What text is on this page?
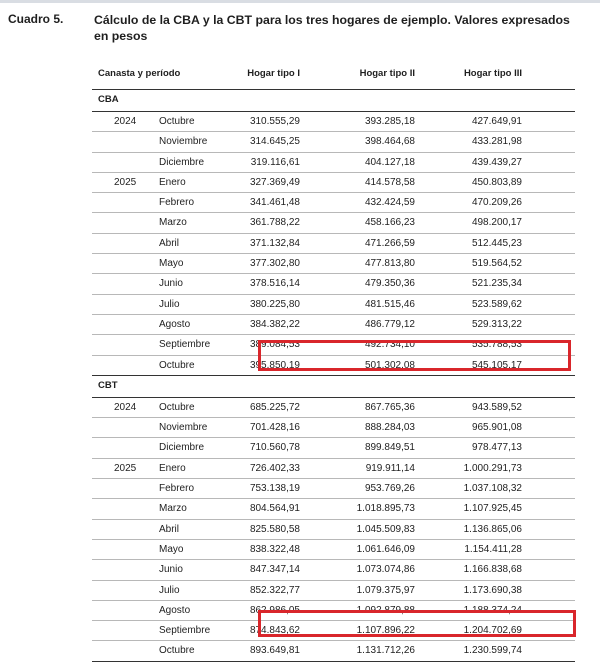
Cuadro 5. Cálculo de la CBA y la CBT para los tres hogares de ejemplo. Valores expresados en pesos
Canasta y período	Hogar tipo I	Hogar tipo II	Hogar tipo III
CBA
2024 Octubre	310.555,29	393.285,18	427.649,91
Noviembre	314.645,25	398.464,68	433.281,98
Diciembre	319.116,61	404.127,18	439.439,27
2025 Enero	327.369,49	414.578,58	450.803,89
Febrero	341.461,48	432.424,59	470.209,26
Marzo	361.788,22	458.166,23	498.200,17
Abril	371.132,84	471.266,59	512.445,23
Mayo	377.302,80	477.813,80	519.564,52
Junio	378.516,14	479.350,36	521.235,34
Julio	380.225,80	481.515,46	523.589,62
Agosto	384.382,22	486.779,12	529.313,22
Septiembre	389.084,53	492.734,10	535.788,53
Octubre	395.850,19	501.302,08	545.105,17
CBT
2024 Octubre	685.225,72	867.765,36	943.589,52
Noviembre	701.428,16	888.284,03	965.901,08
Diciembre	710.560,78	899.849,51	978.477,13
2025 Enero	726.402,33	919.911,14	1.000.291,73
Febrero	753.138,19	953.769,26	1.037.108,32
Marzo	804.564,91	1.018.895,73	1.107.925,45
Abril	825.580,58	1.045.509,83	1.136.865,06
Mayo	838.322,48	1.061.646,09	1.154.411,28
Junio	847.347,14	1.073.074,86	1.166.838,68
Julio	852.322,77	1.079.375,97	1.173.690,38
Agosto	862.986,05	1.092.879,88	1.188.374,24
Septiembre	874.843,62	1.107.896,22	1.204.702,69
Octubre	893.649,81	1.131.712,26	1.230.599,74
